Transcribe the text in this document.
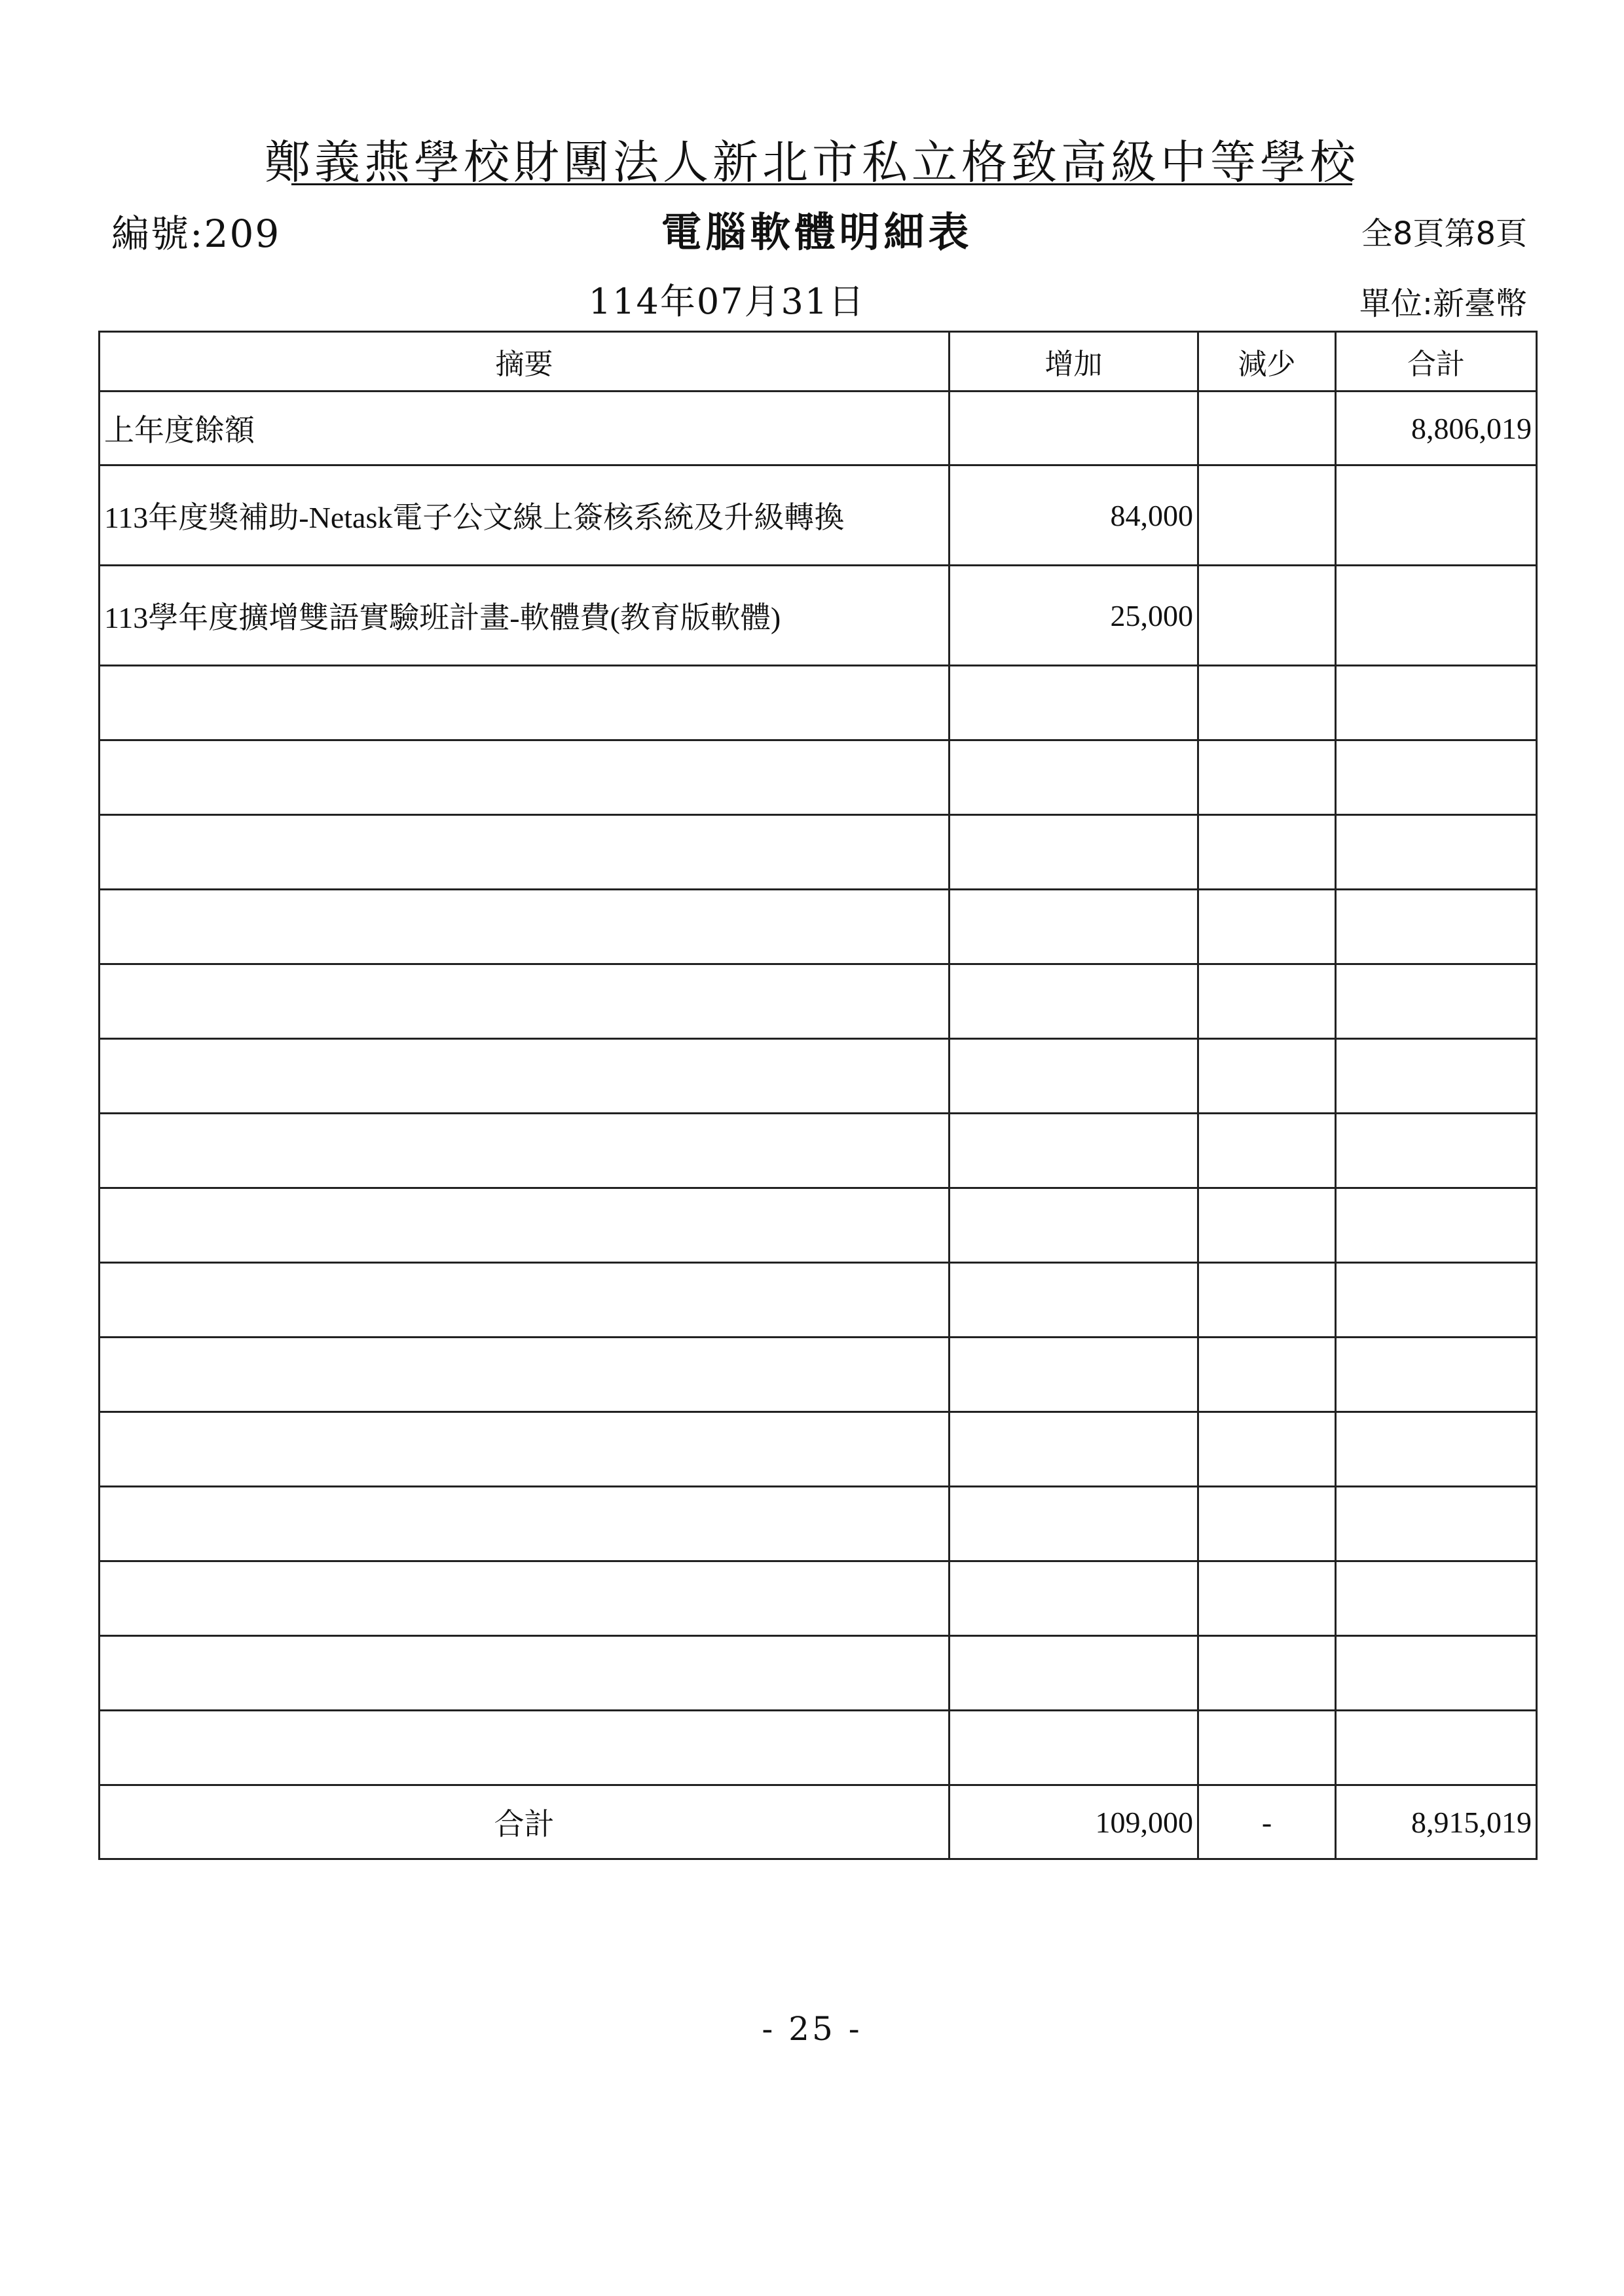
鄭義燕學校財團法人新北市私立格致高級中等學校
編號:209	電腦軟體明細表	全8頁第8頁
114年07月31日	單位:新臺幣
摘要	增加	減少	合計
上年度餘額			8,806,019
113年度獎補助-Netask電子公文線上簽核系統及升級轉換	84,000		
113學年度擴增雙語實驗班計畫-軟體費(教育版軟體)	25,000		

合計	109,000	-	8,915,019
- 25 -
